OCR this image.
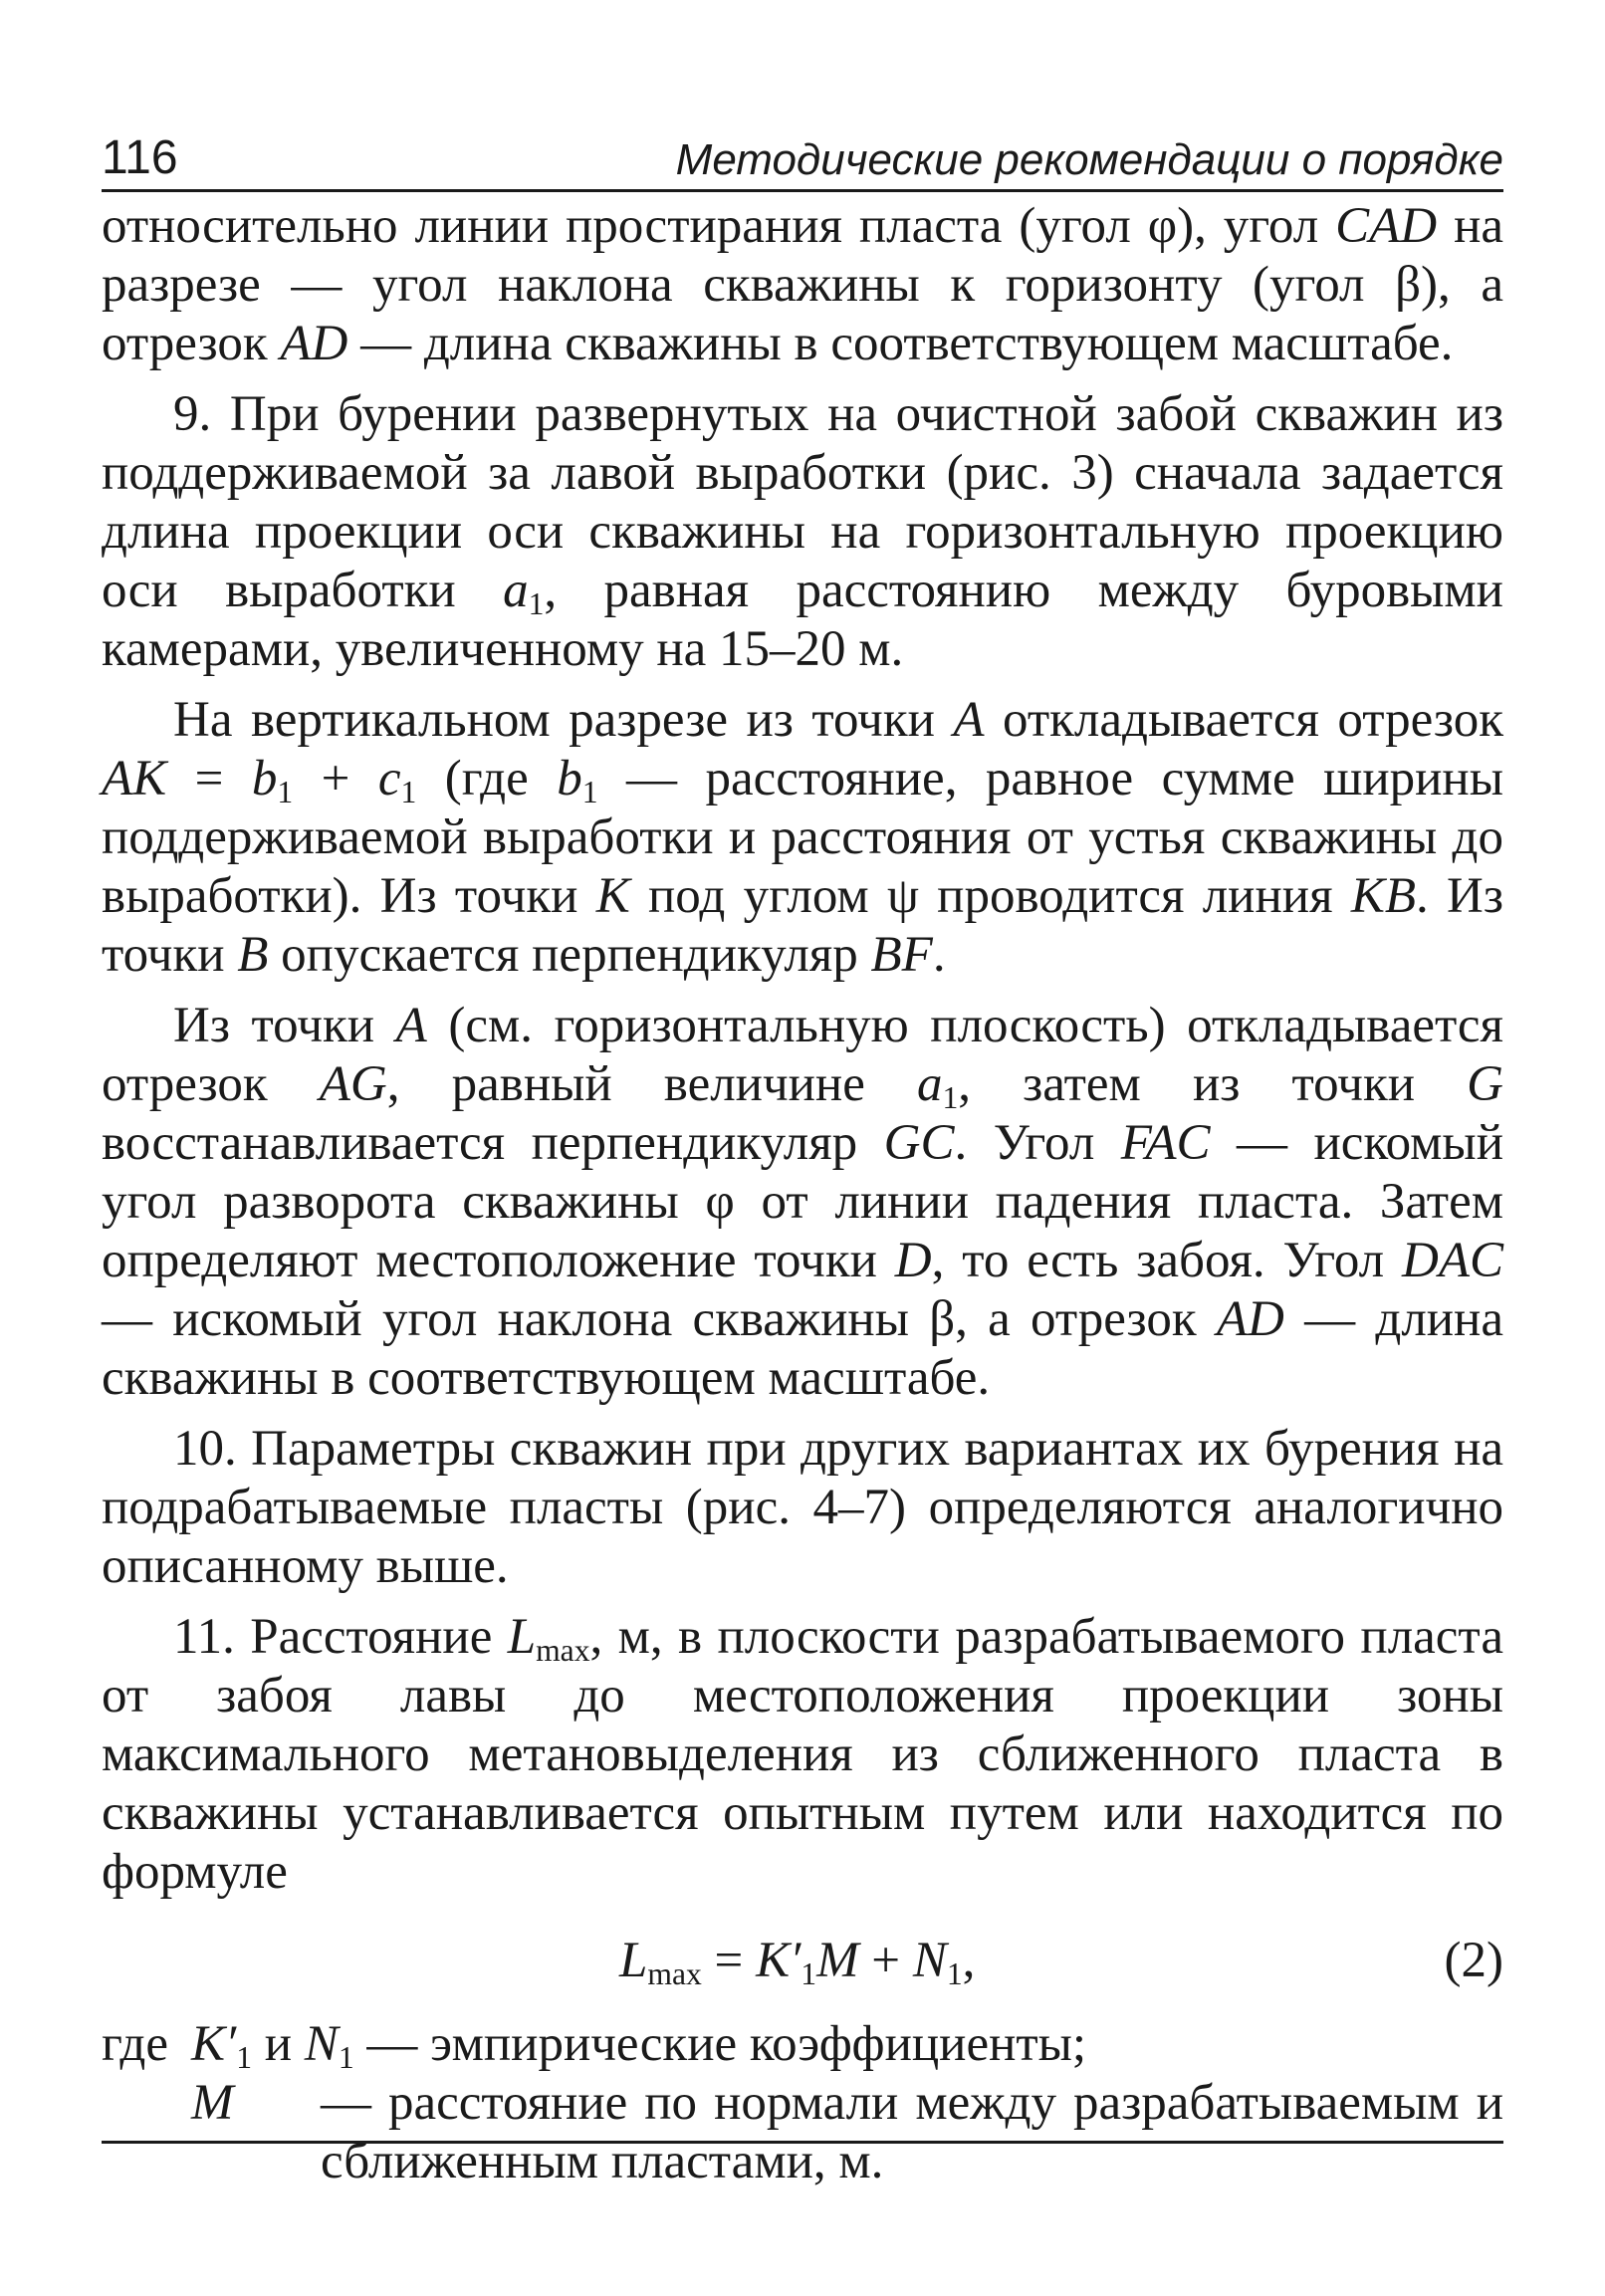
116	Методические рекомендации о порядке

относительно линии простирания пласта (угол φ), угол CAD на разрезе — угол наклона скважины к горизонту (угол β), а отрезок AD — длина скважины в соответствующем масштабе.

9. При бурении развернутых на очистной забой скважин из поддерживаемой за лавой выработки (рис. 3) сначала задается длина проекции оси скважины на горизонтальную проекцию оси выработки $a_1$, равная расстоянию между буровыми камерами, увеличенному на 15–20 м.

На вертикальном разрезе из точки A откладывается отрезок AK = $b_1 + c_1$ (где $b_1$ — расстояние, равное сумме ширины поддерживаемой выработки и расстояния от устья скважины до выработки). Из точки K под углом ψ проводится линия KB. Из точки B опускается перпендикуляр BF.

Из точки A (см. горизонтальную плоскость) откладывается отрезок AG, равный величине $a_1$, затем из точки G восстанавливается перпендикуляр GC. Угол FAC — искомый угол разворота скважины φ от линии падения пласта. Затем определяют местоположение точки D, то есть забоя. Угол DAC — искомый угол наклона скважины β, а отрезок AD — длина скважины в соответствующем масштабе.

10. Параметры скважин при других вариантах их бурения на подрабатываемые пласты (рис. 4–7) определяются аналогично описанному выше.

11. Расстояние $L_{max}$, м, в плоскости разрабатываемого пласта от забоя лавы до местоположения проекции зоны максимального метановыделения из сближенного пласта в скважины устанавливается опытным путем или находится по формуле

$L_{max} = K'_1M + N_1$,	(2)
где $K'_1$ и $N_1$ — эмпирические коэффициенты;
M	— расстояние по нормали между разрабатываемым и сближенным пластами, м.
